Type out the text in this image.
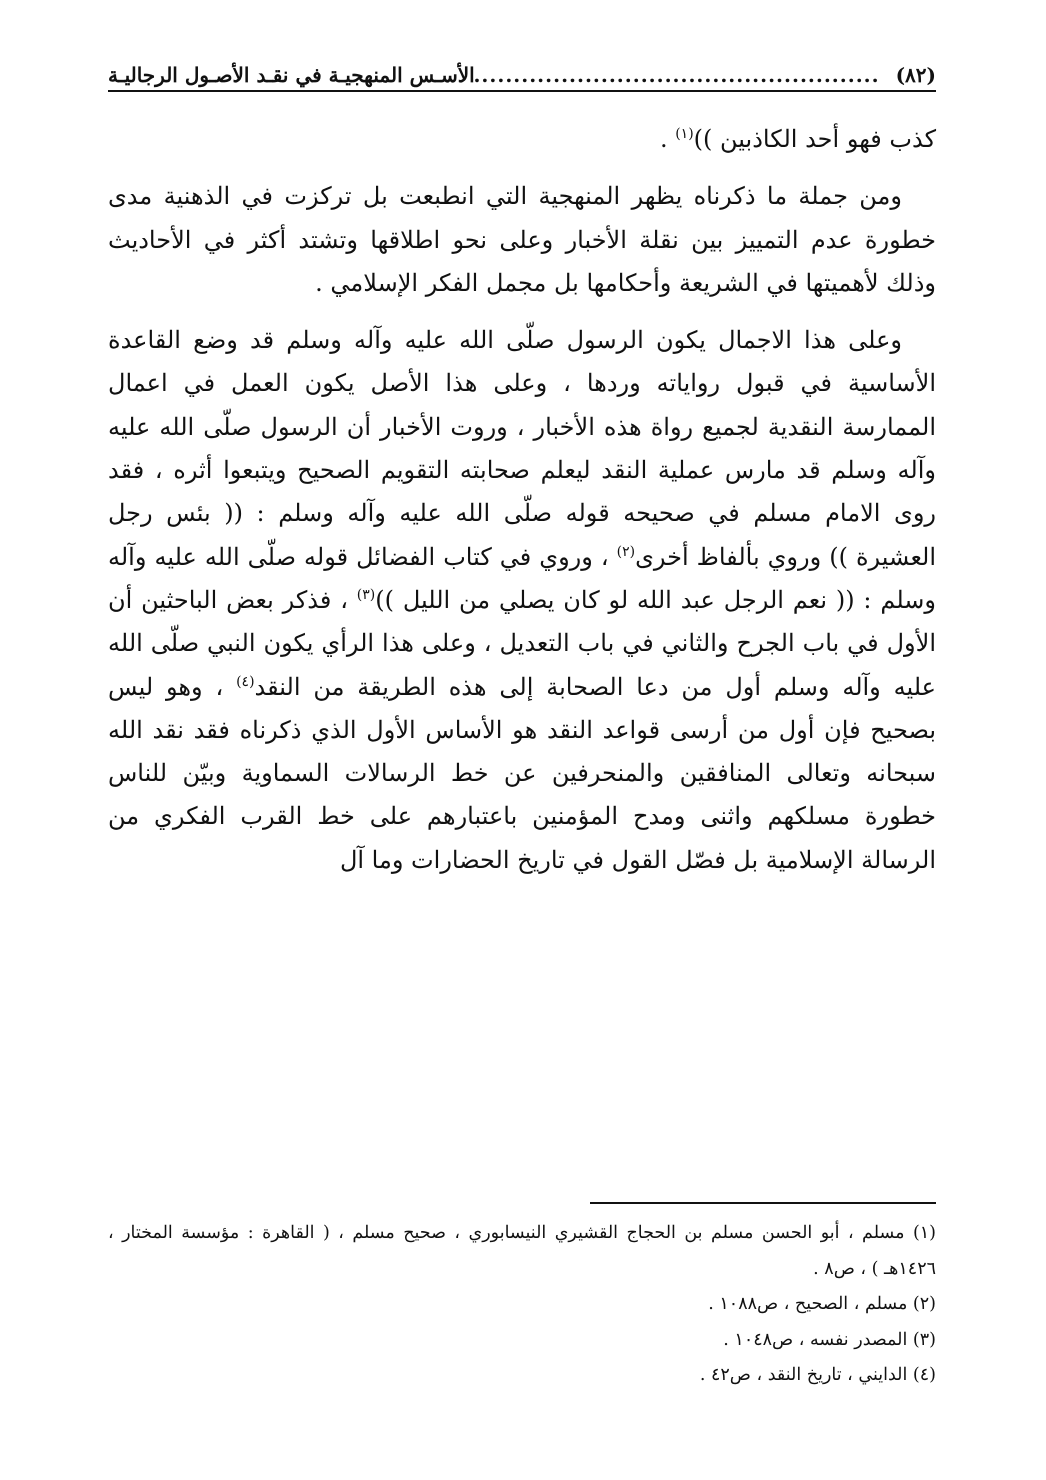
(٨٢)
.....
الأسـس المنهجيـة في نقـد الأصـول الرجاليـة

كذب فهو أحد الكاذبين ))$^{(١)}$ .

ومن جملة ما ذكرناه يظهر المنهجية التي انطبعت بل تركزت في الذهنية مدى خطورة عدم التمييز بين نقلة الأخبار وعلى نحو اطلاقها وتشتد أكثر في الأحاديث وذلك لأهميتها في الشريعة وأحكامها بل مجمل الفكر الإسلامي .

وعلى هذا الاجمال يكون الرسول صلّى الله عليه وآله وسلم قد وضع القاعدة الأساسية في قبول رواياته وردها ، وعلى هذا الأصل يكون العمل في اعمال الممارسة النقدية لجميع رواة هذه الأخبار ، وروت الأخبار أن الرسول صلّى الله عليه وآله وسلم قد مارس عملية النقد ليعلم صحابته التقويم الصحيح ويتبعوا أثره ، فقد روى الامام مسلم في صحيحه قوله صلّى الله عليه وآله وسلم : (( بئس رجل العشيرة )) وروي بألفاظ أخرى$^{(٢)}$ ، وروي في كتاب الفضائل قوله صلّى الله عليه وآله وسلم : (( نعم الرجل عبد الله لو كان يصلي من الليل ))$^{(٣)}$ ، فذكر بعض الباحثين أن الأول في باب الجرح والثاني في باب التعديل ، وعلى هذا الرأي يكون النبي صلّى الله عليه وآله وسلم أول من دعا الصحابة إلى هذه الطريقة من النقد$^{(٤)}$ ، وهو ليس بصحيح فإن أول من أرسى قواعد النقد هو الأساس الأول الذي ذكرناه فقد نقد الله سبحانه وتعالى المنافقين والمنحرفين عن خط الرسالات السماوية وبيّن للناس خطورة مسلكهم واثنى ومدح المؤمنين باعتبارهم على خط القرب الفكري من الرسالة الإسلامية بل فصّل القول في تاريخ الحضارات وما آل

(١) مسلم ، أبو الحسن مسلم بن الحجاج القشيري النيسابوري ، صحيح مسلم ، ( القاهرة : مؤسسة المختار ، ١٤٢٦هـ ) ، ص٨ .

(٢) مسلم ، الصحيح ، ص١٠٨٨ .

(٣) المصدر نفسه ، ص١٠٤٨ .

(٤) الدايني ، تاريخ النقد ، ص٤٢ .
